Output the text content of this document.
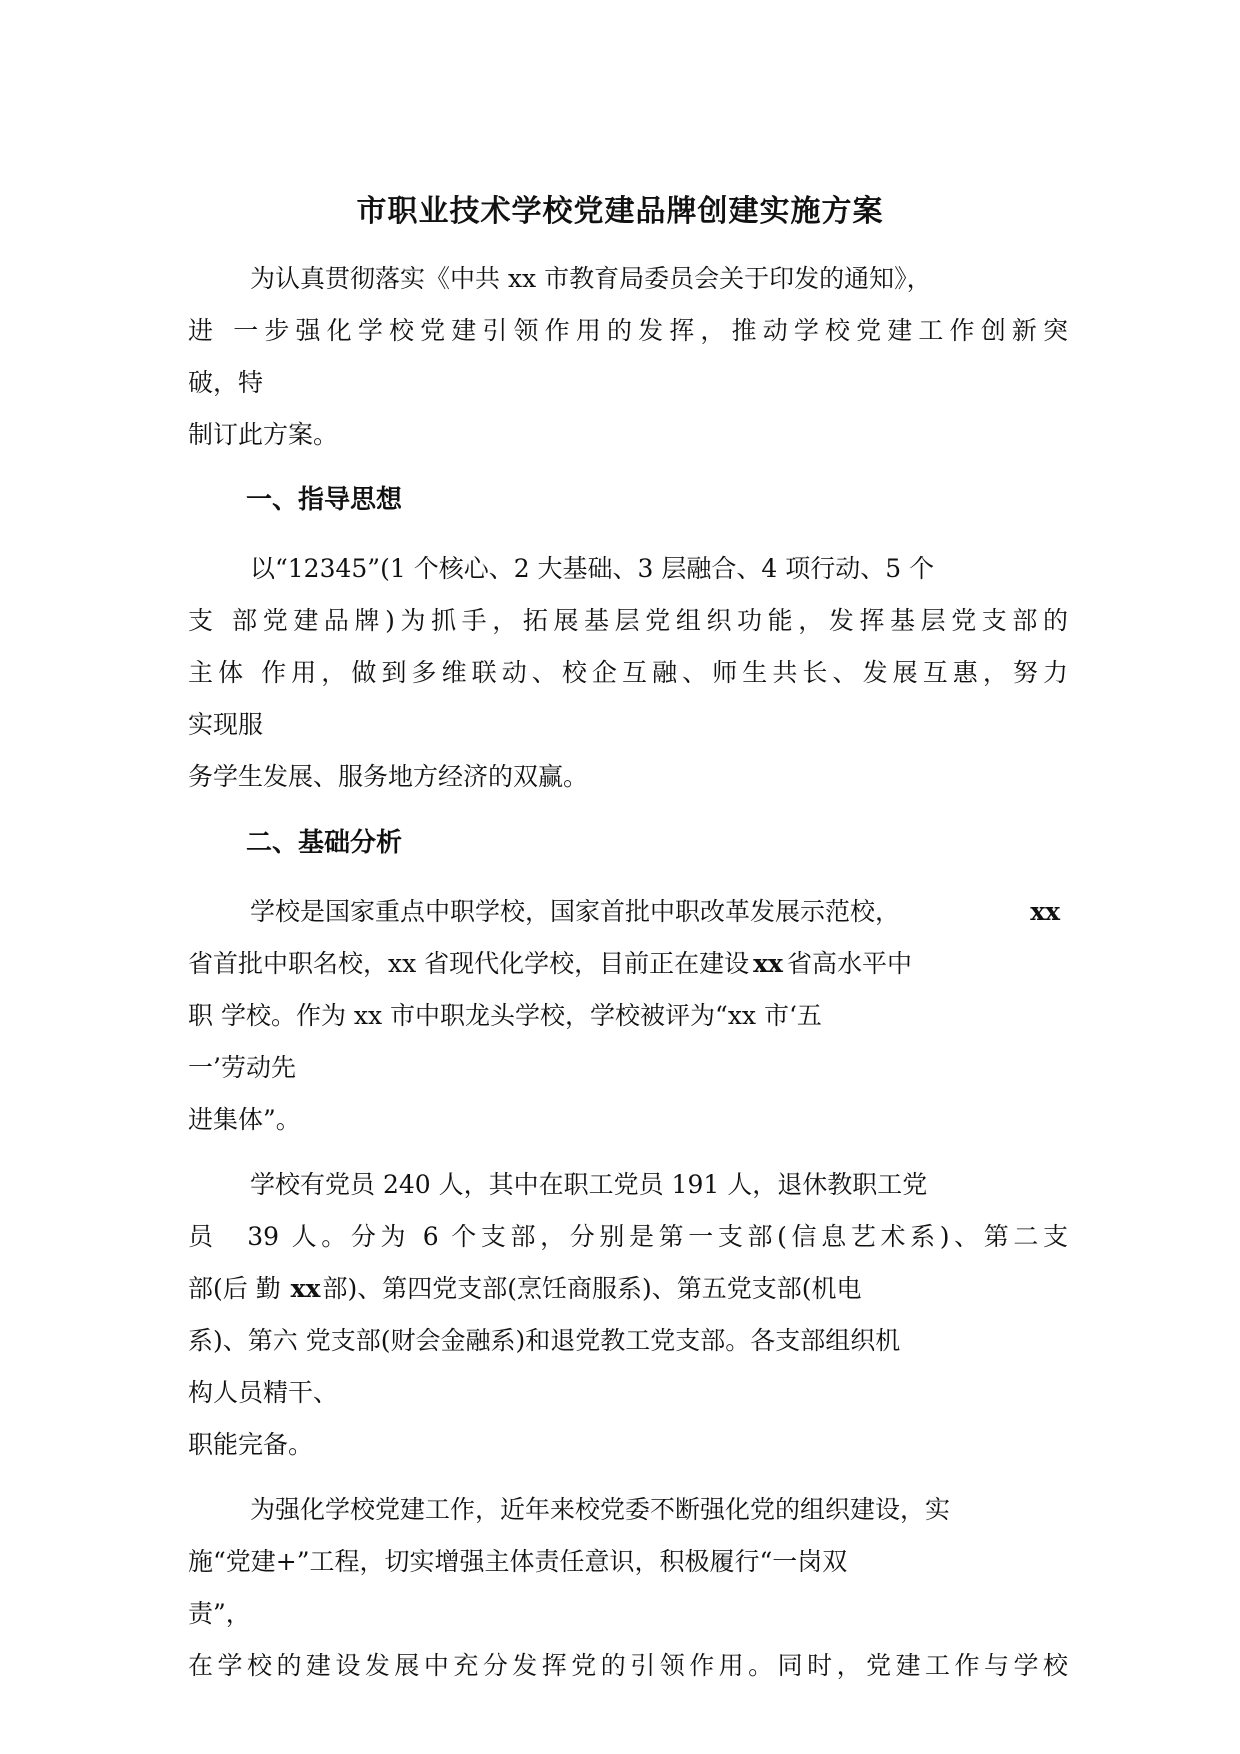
市职业技术学校党建品牌创建实施方案

为认真贯彻落实《中共 xx 市教育局委员会关于印发的通知》，

进 一步强化学校党建引领作用的发挥，推动学校党建工作创新突

破，特

制订此方案。

一、指导思想

以“12345”(1 个核心、2 大基础、3 层融合、4 项行动、5 个

支 部党建品牌)为抓手，拓展基层党组织功能，发挥基层党支部的

主体 作用，做到多维联动、校企互融、师生共长、发展互惠，努力

实现服

务学生发展、服务地方经济的双赢。

二、基础分析

学校是国家重点中职学校，国家首批中职改革发展示范校，	xx

省首批中职名校，xx 省现代化学校，目前正在建设 xx 省高水平中

职 学校。作为 xx 市中职龙头学校，学校被评为“xx 市‘五

一’劳动先

进集体”。

学校有党员 240 人，其中在职工党员 191 人，退休教职工党

员　39 人。分为 6 个支部，分别是第一支部(信息艺术系)、第二支

部(后 勤 xx部)、第四党支部(烹饪商服系)、第五党支部(机电

系)、第六 党支部(财会金融系)和退党教工党支部。各支部组织机

构人员精干、

职能完备。

为强化学校党建工作，近年来校党委不断强化党的组织建设，实

施“党建+”工程，切实增强主体责任意识，积极履行“一岗双

责”，

在学校的建设发展中充分发挥党的引领作用。同时，党建工作与学校
